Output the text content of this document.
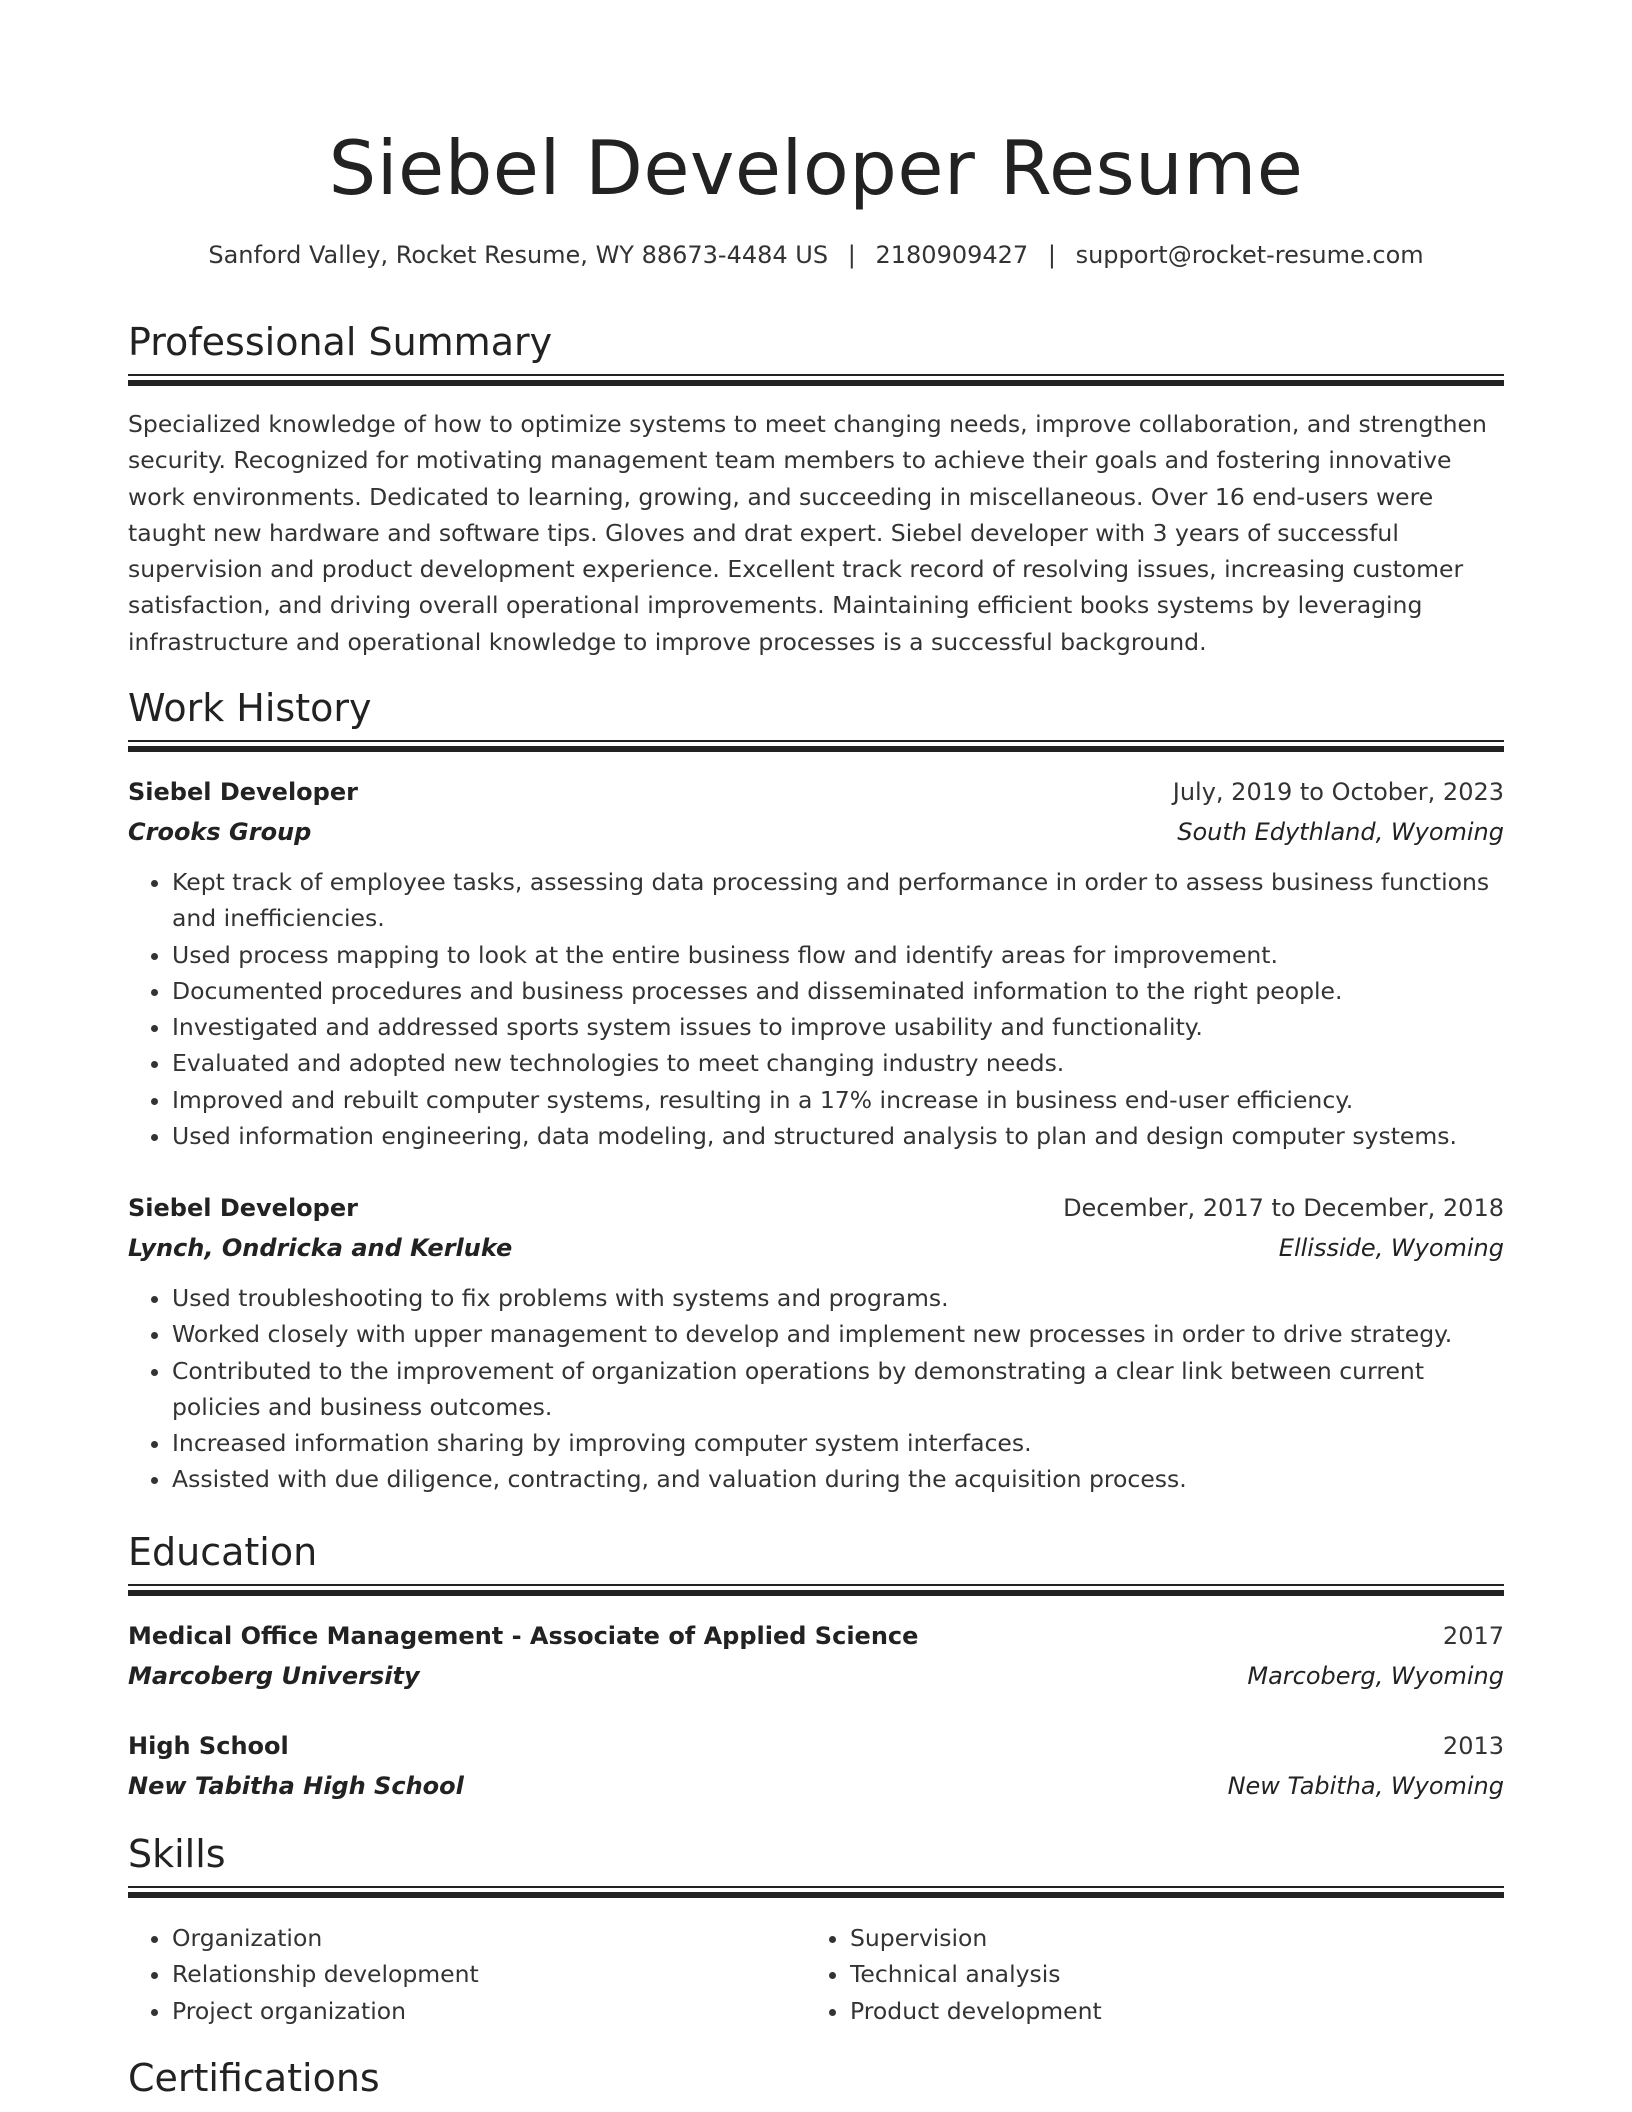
Siebel Developer Resume
Sanford Valley, Rocket Resume, WY 88673-4484 US | 2180909427 | support@rocket-resume.com
Professional Summary

Specialized knowledge of how to optimize systems to meet changing needs, improve collaboration, and strengthen security. Recognized for motivating management team members to achieve their goals and fostering innovative work environments. Dedicated to learning, growing, and succeeding in miscellaneous. Over 16 end-users were taught new hardware and software tips. Gloves and drat expert. Siebel developer with 3 years of successful supervision and product development experience. Excellent track record of resolving issues, increasing customer satisfaction, and driving overall operational improvements. Maintaining efficient books systems by leveraging infrastructure and operational knowledge to improve processes is a successful background.

Work History
Siebel Developer	July, 2019 to October, 2023
Crooks Group	South Edythland, Wyoming
• Kept track of employee tasks, assessing data processing and performance in order to assess business functions and inefficiencies.
• Used process mapping to look at the entire business flow and identify areas for improvement.
• Documented procedures and business processes and disseminated information to the right people.
• Investigated and addressed sports system issues to improve usability and functionality.
• Evaluated and adopted new technologies to meet changing industry needs.
• Improved and rebuilt computer systems, resulting in a 17% increase in business end-user efficiency.
• Used information engineering, data modeling, and structured analysis to plan and design computer systems.
Siebel Developer	December, 2017 to December, 2018
Lynch, Ondricka and Kerluke	Ellisside, Wyoming
• Used troubleshooting to fix problems with systems and programs.
• Worked closely with upper management to develop and implement new processes in order to drive strategy.
• Contributed to the improvement of organization operations by demonstrating a clear link between current policies and business outcomes.
• Increased information sharing by improving computer system interfaces.
• Assisted with due diligence, contracting, and valuation during the acquisition process.
Education
Medical Office Management - Associate of Applied Science	2017
Marcoberg University	Marcoberg, Wyoming
High School	2013
New Tabitha High School	New Tabitha, Wyoming
Skills
• Organization
• Relationship development
• Project organization
• Supervision
• Technical analysis
• Product development
Certifications
